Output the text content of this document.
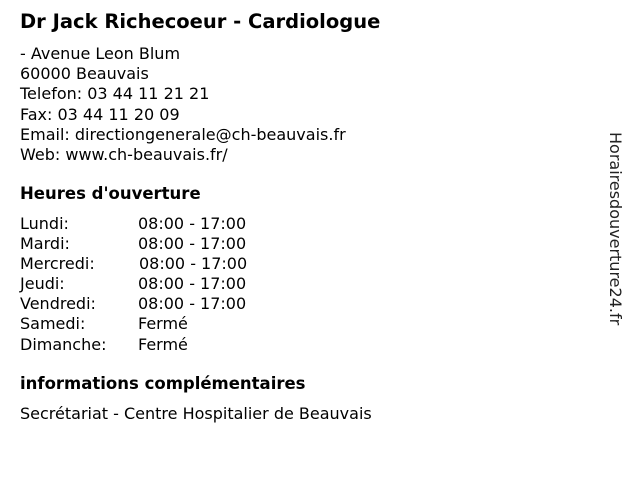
Dr Jack Richecoeur - Cardiologue
- Avenue Leon Blum
60000 Beauvais
Telefon: 03 44 11 21 21
Fax: 03 44 11 20 09
Email: directiongenerale@ch-beauvais.fr
Web: www.ch-beauvais.fr/
Heures d'ouverture
Lundi:	08:00 - 17:00
Mardi:	08:00 - 17:00
Mercredi:	08:00 - 17:00
Jeudi:	08:00 - 17:00
Vendredi:	08:00 - 17:00
Samedi:	Fermé
Dimanche: Fermé
informations complémentaires
Secrétariat - Centre Hospitalier de Beauvais
Horairesdouverture24.fr
